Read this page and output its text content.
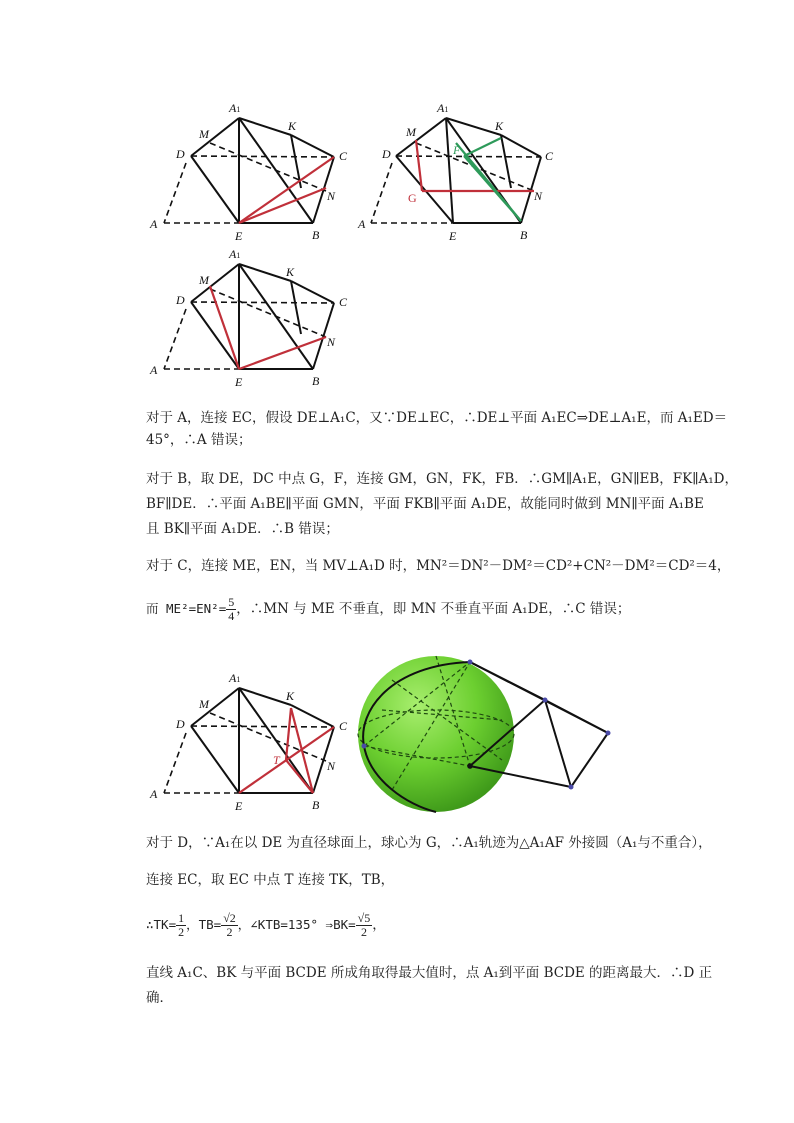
A1
M
K
D	C
N
A
E	B
A1
M	K
D	C
N
F
G
A
E	B
A1
M
K
D	C
N
A
E	B
对于 A，连接 EC，假设 DE⊥A₁C，又∵DE⊥EC，∴DE⊥平面 A₁EC⇒DE⊥A₁E，而 A₁ED＝
45°，∴A 错误；
对于 B，取 DE，DC 中点 G，F，连接 GM，GN，FK，FB．∴GM∥A₁E，GN∥EB，FK∥A₁D，
BF∥DE．∴平面 A₁BE∥平面 GMN，平面 FKB∥平面 A₁DE，故能同时做到 MN∥平面 A₁BE
且 BK∥平面 A₁DE．∴B 错误；
对于 C，连接 ME，EN，当 MV⊥A₁D 时，MN²＝DN²－DM²＝CD²+CN²－DM²＝CD²＝4，
而 $ME^2=EN^2= \frac{5}{4}$ ，∴MN 与 ME 不垂直，即 MN 不垂直平面 A₁DE，∴C 错误；
A1
M
K
D	C
N
T
A
E	B
对于 D，∵A₁在以 DE 为直径球面上，球心为 G，∴A₁轨迹为△A₁AF 外接圆（A₁与不重合），
连接 EC，取 EC 中点 T 连接 TK，TB，
∴TK= $\frac{1}{2}$ ，$TB= \frac{√2}{2}$ ，∠KTB=135° ⇒BK= $\frac{√5}{2}$ ，
直线 A₁C、BK 与平面 BCDE 所成角取得最大值时，点 A₁到平面 BCDE 的距离最大．∴D 正
确．
